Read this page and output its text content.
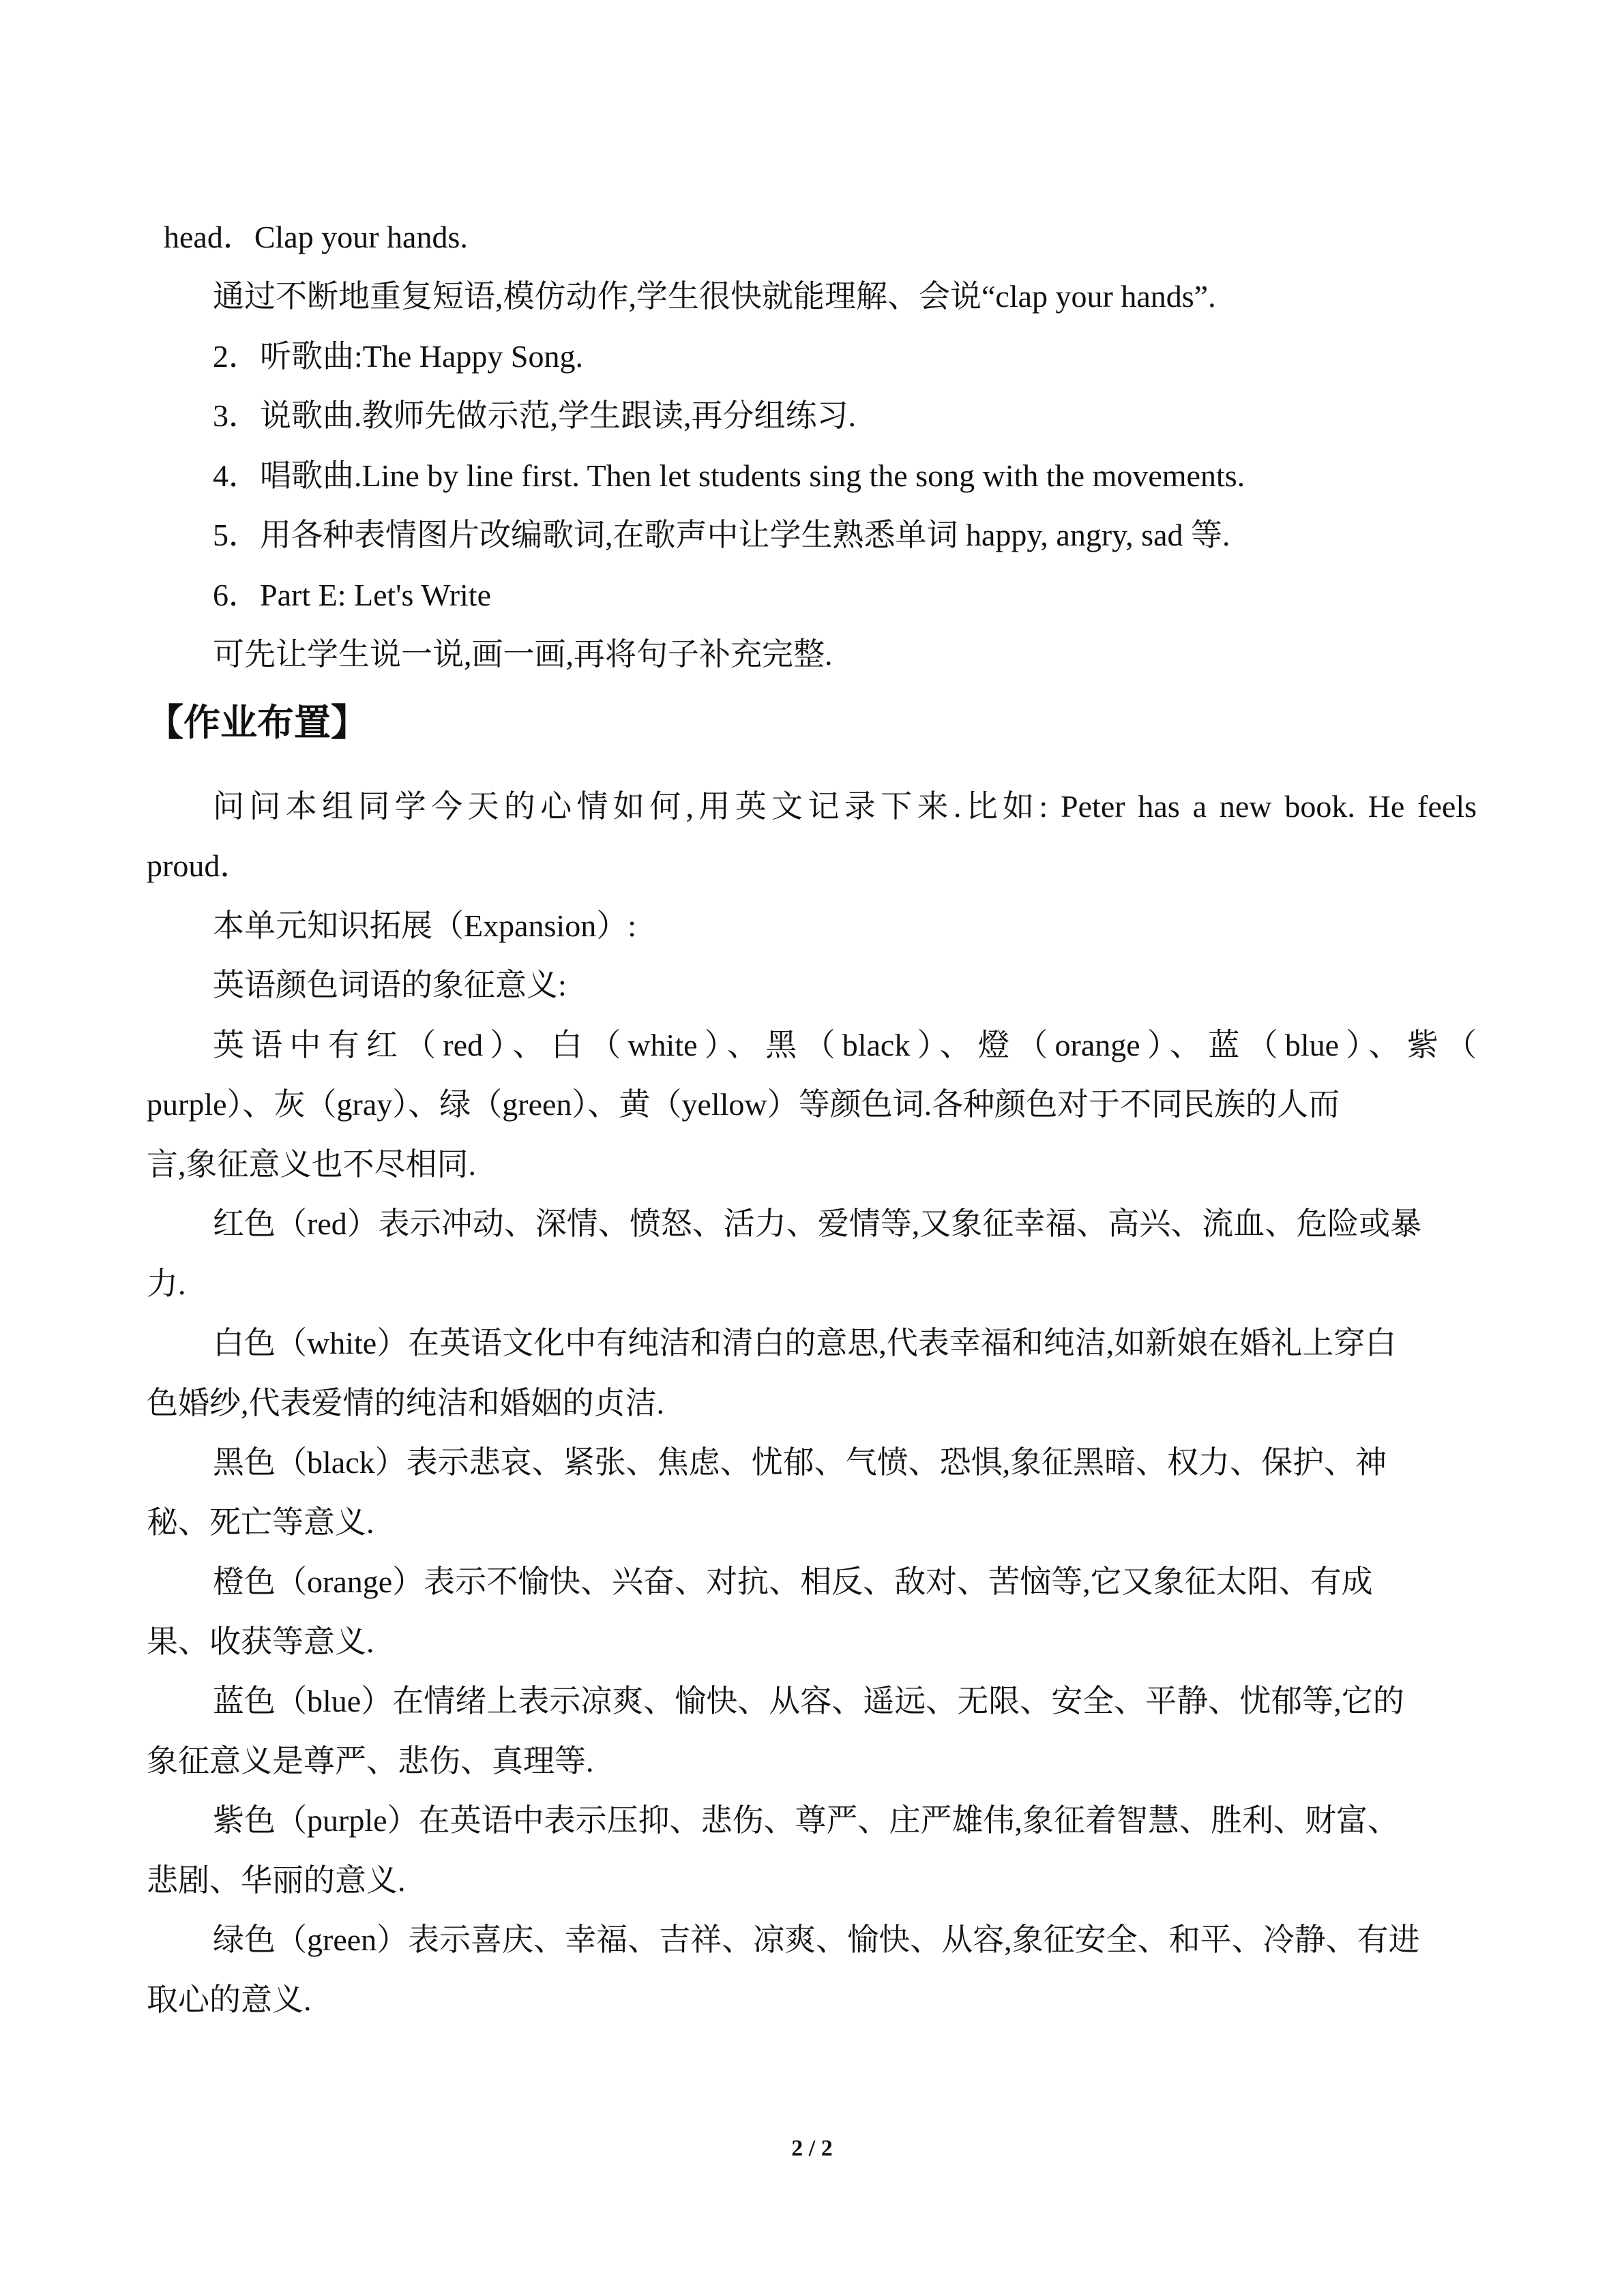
head．Clap your hands.
通过不断地重复短语,模仿动作,学生很快就能理解、会说“clap your hands”.
2．听歌曲:The Happy Song.
3．说歌曲.教师先做示范,学生跟读,再分组练习.
4．唱歌曲.Line by line first. Then let students sing the song with the movements.
5．用各种表情图片改编歌词,在歌声中让学生熟悉单词 happy, angry, sad 等.
6．Part E: Let's Write
可先让学生说一说,画一画,再将句子补充完整.
【作业布置】
问问本组同学今天的心情如何,用英文记录下来.比如: Peter has a new book. He feels
proud．
本单元知识拓展（Expansion）:
英语颜色词语的象征意义:
英语中有红（red）、白（white）、黑（black）、燈（orange）、蓝（blue）、紫（
purple）、灰（gray）、绿（green）、黄（yellow）等颜色词.各种颜色对于不同民族的人而
言,象征意义也不尽相同.
红色（red）表示冲动、深情、愤怒、活力、爱情等,又象征幸福、高兴、流血、危险或暴
力.
白色（white）在英语文化中有纯洁和清白的意思,代表幸福和纯洁,如新娘在婚礼上穿白
色婚纱,代表爱情的纯洁和婚姻的贞洁.
黑色（black）表示悲哀、紧张、焦虑、忧郁、气愤、恐惧,象征黑暗、权力、保护、神
秘、死亡等意义.
橙色（orange）表示不愉快、兴奋、对抗、相反、敌对、苦恼等,它又象征太阳、有成
果、收获等意义.
蓝色（blue）在情绪上表示凉爽、愉快、从容、遥远、无限、安全、平静、忧郁等,它的
象征意义是尊严、悲伤、真理等.
紫色（purple）在英语中表示压抑、悲伤、尊严、庄严雄伟,象征着智慧、胜利、财富、
悲剧、华丽的意义.
绿色（green）表示喜庆、幸福、吉祥、凉爽、愉快、从容,象征安全、和平、冷静、有进
取心的意义.
2 / 2
